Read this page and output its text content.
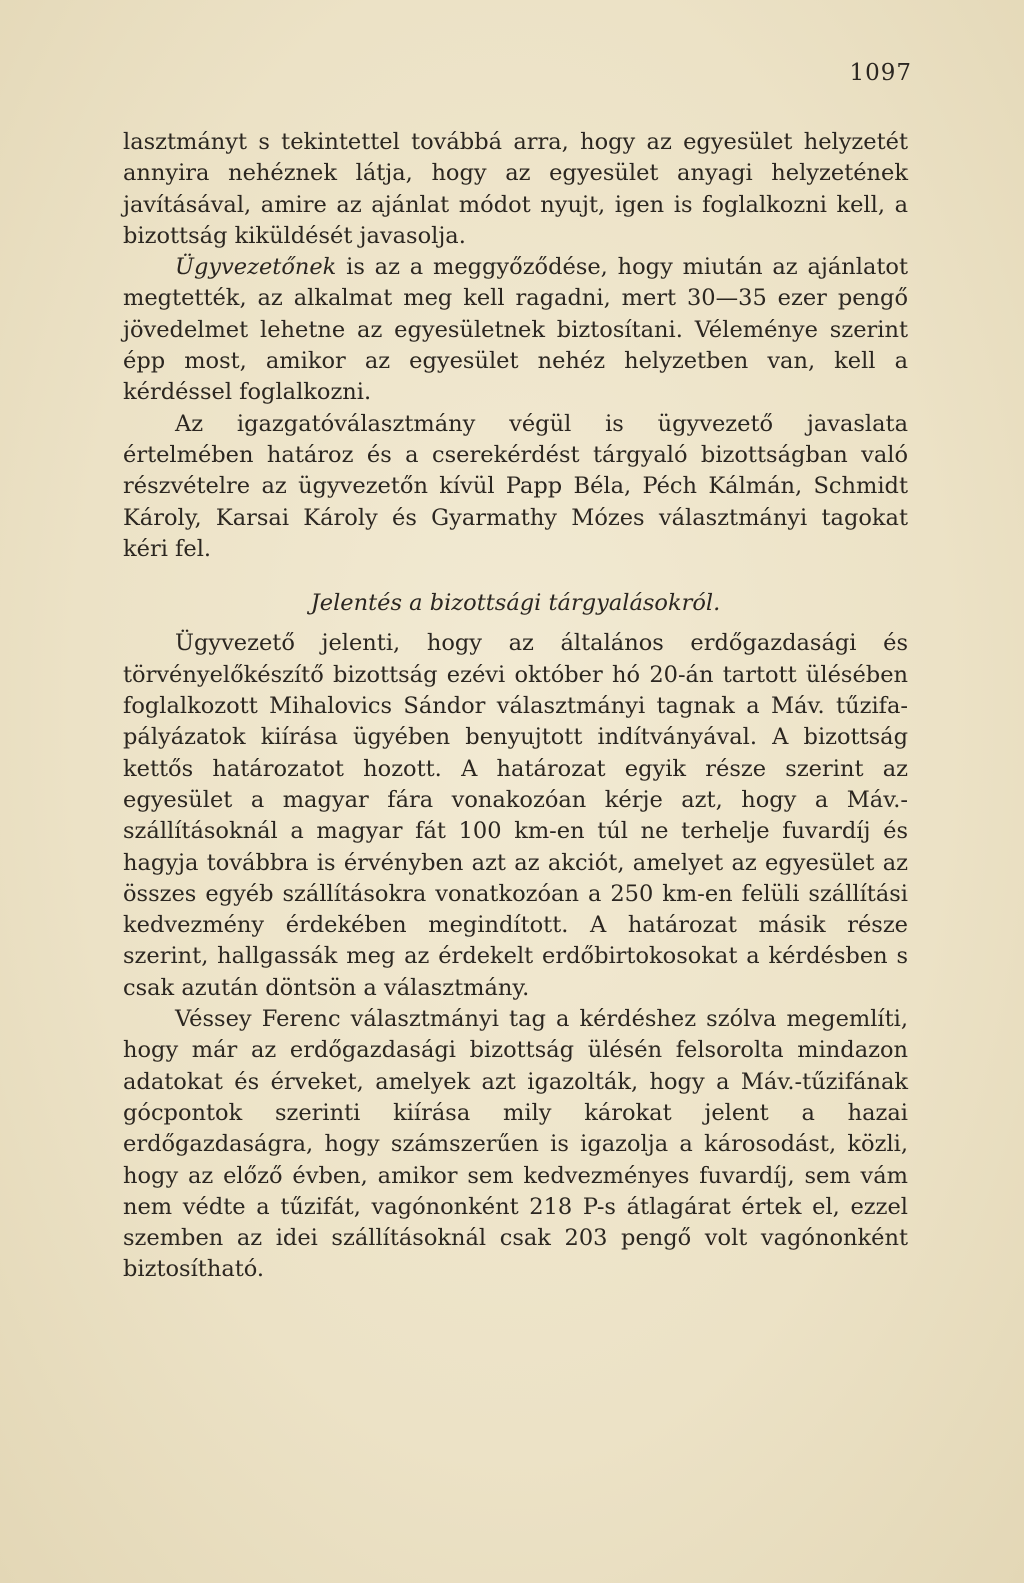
1097

lasztmányt s tekintettel továbbá arra, hogy az egyesület helyzetét annyira nehéznek látja, hogy az egyesület anyagi helyzetének javításával, amire az ajánlat módot nyujt, igen is foglalkozni kell, a bizottság kiküldését javasolja.

Ügyvezetőnek is az a meggyőződése, hogy miután az ajánlatot megtették, az alkalmat meg kell ragadni, mert 30—35 ezer pengő jövedelmet lehetne az egyesületnek biztosítani. Véleménye szerint épp most, amikor az egyesület nehéz helyzetben van, kell a kérdéssel foglalkozni.

Az igazgatóválasztmány végül is ügyvezető javaslata értelmében határoz és a cserekérdést tárgyaló bizottságban való részvételre az ügyvezetőn kívül Papp Béla, Péch Kálmán, Schmidt Károly, Karsai Károly és Gyarmathy Mózes választmányi tagokat kéri fel.

Jelentés a bizottsági tárgyalásokról.

Ügyvezető jelenti, hogy az általános erdőgazdasági és törvényelőkészítő bizottság ezévi október hó 20-án tartott ülésében foglalkozott Mihalovics Sándor választmányi tagnak a Máv. tűzifa-pályázatok kiírása ügyében benyujtott indítványával. A bizottság kettős határozatot hozott. A határozat egyik része szerint az egyesület a magyar fára vonakozóan kérje azt, hogy a Máv.-szállításoknál a magyar fát 100 km-en túl ne terhelje fuvardíj és hagyja továbbra is érvényben azt az akciót, amelyet az egyesület az összes egyéb szállításokra vonatkozóan a 250 km-en felüli szállítási kedvezmény érdekében megindított. A határozat másik része szerint, hallgassák meg az érdekelt erdőbirtokosokat a kérdésben s csak azután döntsön a választmány.

Véssey Ferenc választmányi tag a kérdéshez szólva megemlíti, hogy már az erdőgazdasági bizottság ülésén felsorolta mindazon adatokat és érveket, amelyek azt igazolták, hogy a Máv.-tűzifának gócpontok szerinti kiírása mily károkat jelent a hazai erdőgazdaságra, hogy számszerűen is igazolja a károsodást, közli, hogy az előző évben, amikor sem kedvezményes fuvardíj, sem vám nem védte a tűzifát, vagónonként 218 P-s átlagárat értek el, ezzel szemben az idei szállításoknál csak 203 pengő volt vagónonként biztosítható.
